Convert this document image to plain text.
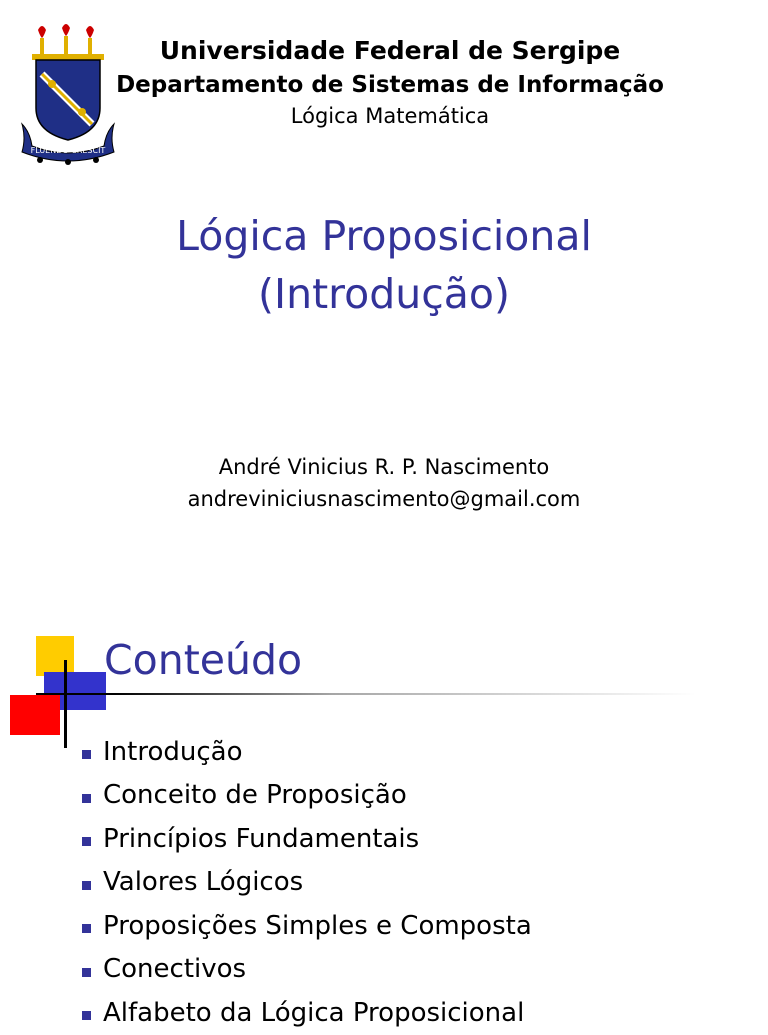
FLUENDO CRESCIT
Universidade Federal de Sergipe
Departamento de Sistemas de Informação
Lógica Matemática
Lógica Proposicional
(Introdução)
André Vinicius R. P. Nascimento
andreviniciusnascimento@gmail.com
Conteúdo
Introdução
Conceito de Proposição
Princípios Fundamentais
Valores Lógicos
Proposições Simples e Composta
Conectivos
Alfabeto da Lógica Proposicional
